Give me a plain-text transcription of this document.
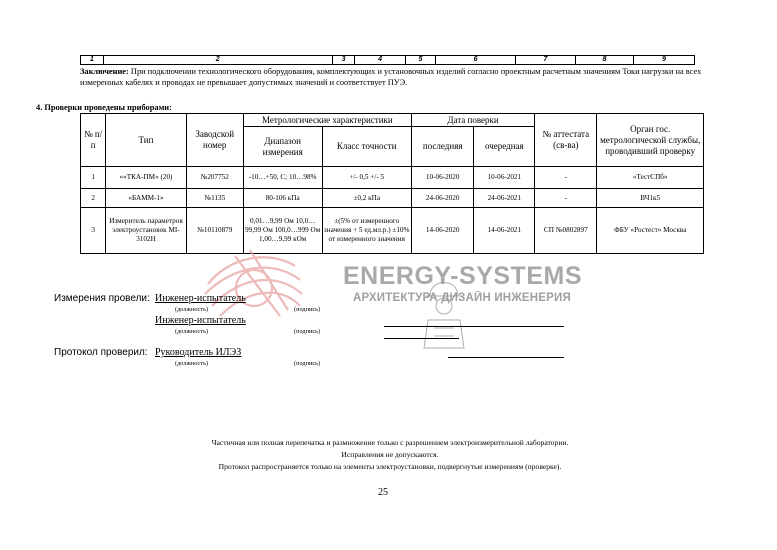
1	2	3	4	5	6	7	8	9
Заключение: При подключении технологического оборудования, комплектующих и установочных изделий согласно проектным расчетным значениям Токи нагрузки на всех измеренных кабелях и проводах не превышает допустимых значений и соответствует ПУЭ.
4. Проверки проведены приборами:
№ п/п	Тип	Заводской номер	Метрологические характеристики		Дата поверки		№ аттестата (св-ва)	Орган гос. метрологической службы, проводивший проверку
			Диапазон измерения	Класс точности	последняя	очередная		
1	««ТКА-ПМ» (20)	№207752	-10…+50, С; 10…98%	+/- 0,5 +/- 5	10-06-2020	10-06-2021	-	«ТестСПб»
2	«БАММ-1»	№1135	80-106 кПа	±0,2 кПа	24-06-2020	24-06-2021	-	ВЧ1к5
3	Измеритель параметров электроустановок MI-3102H	№10110879	0,01…9,99 Ом 10,0…99,99 Ом 100,0…999 Ом 1,00…9,99 кОм	±(5% от измеренного значения + 5 ед.мл.р.) ±10% от измеренного значения	14-06-2020	14-06-2021	СП №0802897	ФБУ «Ростест» Москва
ENERGY-SYSTEMS
АРХИТЕКТУРА ДИЗАЙН ИНЖЕНЕРИЯ
Измерения провели: Инженер-испытатель
(должность)	(подпись)
Инженер-испытатель
(должность)	(подпись)
Протокол проверил: Руководитель ИЛЭЗ
(должность)	(подпись)
Частичная или полная перепечатка и размножение только с разрешением электроизмерительной лаборатории.
Исправления не допускаются.
Протокол распространяется только на элементы электроустановки, подвергнутые измерениям (проверке).
25
